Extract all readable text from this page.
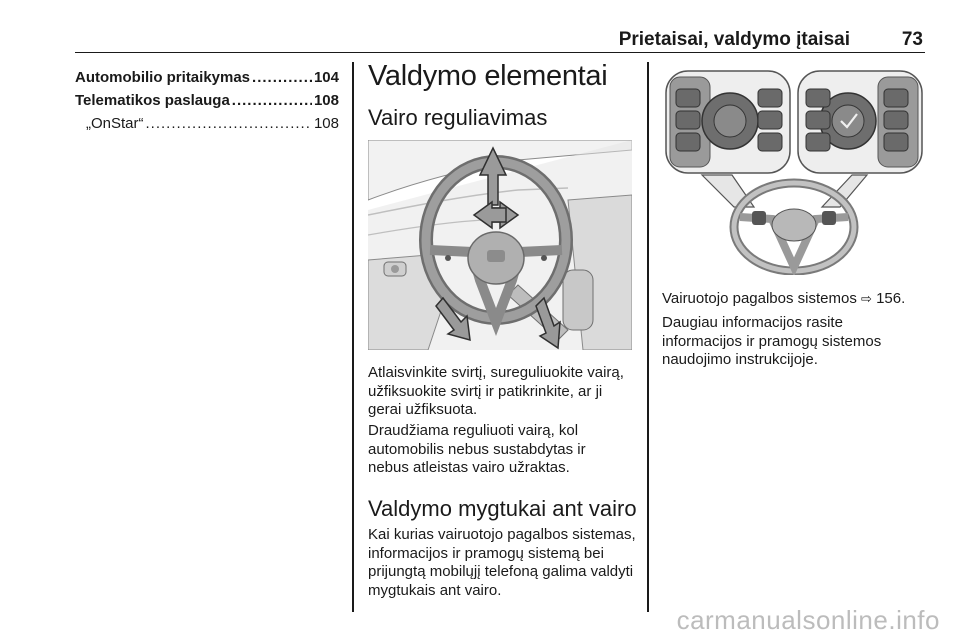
Prietaisai, valdymo įtaisai	73
Automobilio pritaikymas .....	104
Telematikos paslauga .....	108
„OnStar“ .....	108
Valdymo elementai
Vairo reguliavimas
Atlaisvinkite svirtį, sureguliuokite vairą, užfiksuokite svirtį ir patikrinkite, ar ji gerai užfiksuota.
Draudžiama reguliuoti vairą, kol automobilis nebus sustabdytas ir nebus atleistas vairo užraktas.
Valdymo mygtukai ant vairo
Kai kurias vairuotojo pagalbos sistemas, informacijos ir pramogų sistemą bei prijungtą mobilųjį telefoną galima valdyti mygtukais ant vairo.
Vairuotojo pagalbos sistemos ⇨ 156.
Daugiau informacijos rasite informacijos ir pramogų sistemos naudojimo instrukcijoje.
carmanualsonline.info
